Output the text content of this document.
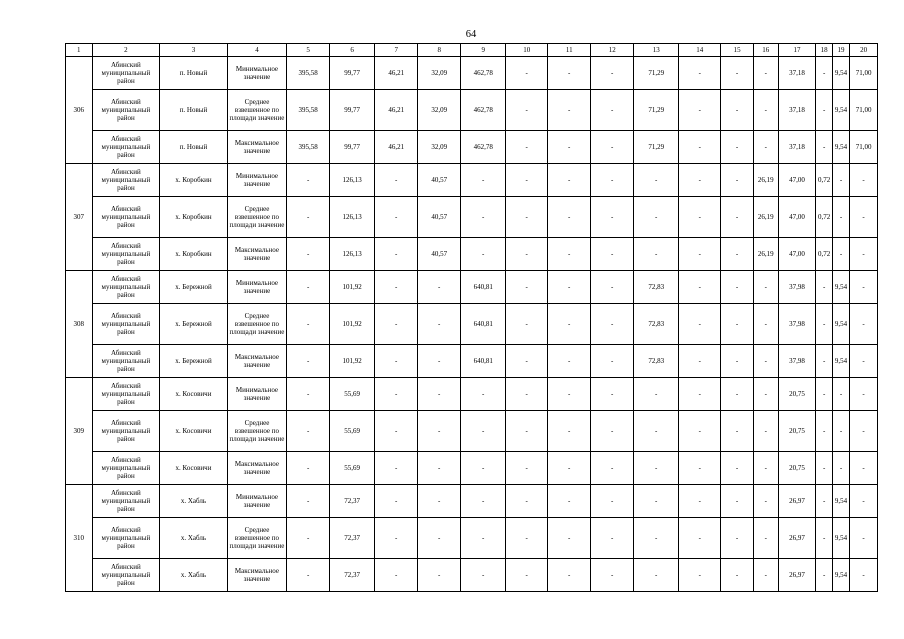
64
1	2	3	4	5	6	7	8	9	10	11	12	13	14	15	16	17	18	19	20
306	Абинский муниципальный район	п. Новый	Минимальное значение	395,58	99,77	46,21	32,09	462,78	-	-	-	71,29	-	-	-	37,18	-	9,54	71,00
	Абинский муниципальный район	п. Новый	Среднее взвешенное по площади значение	395,58	99,77	46,21	32,09	462,78	-	-	-	71,29	-	-	-	37,18	-	9,54	71,00
	Абинский муниципальный район	п. Новый	Максимальное значение	395,58	99,77	46,21	32,09	462,78	-	-	-	71,29	-	-	-	37,18	-	9,54	71,00
307	Абинский муниципальный район	х. Коробкин	Минимальное значение	-	126,13	-	40,57	-	-	-	-	-	-	-	26,19	47,00	0,72	-	-
	Абинский муниципальный район	х. Коробкин	Среднее взвешенное по площади значение	-	126,13	-	40,57	-	-	-	-	-	-	-	26,19	47,00	0,72	-	-
	Абинский муниципальный район	х. Коробкин	Максимальное значение	-	126,13	-	40,57	-	-	-	-	-	-	-	26,19	47,00	0,72	-	-
308	Абинский муниципальный район	х. Бережной	Минимальное значение	-	101,92	-	-	640,81	-	-	-	72,83	-	-	-	37,98	-	9,54	-
	Абинский муниципальный район	х. Бережной	Среднее взвешенное по площади значение	-	101,92	-	-	640,81	-	-	-	72,83	-	-	-	37,98	-	9,54	-
	Абинский муниципальный район	х. Бережной	Максимальное значение	-	101,92	-	-	640,81	-	-	-	72,83	-	-	-	37,98	-	9,54	-
309	Абинский муниципальный район	х. Косовичи	Минимальное значение	-	55,69	-	-	-	-	-	-	-	-	-	-	20,75	-	-	-
	Абинский муниципальный район	х. Косовичи	Среднее взвешенное по площади значение	-	55,69	-	-	-	-	-	-	-	-	-	-	20,75	-	-	-
	Абинский муниципальный район	х. Косовичи	Максимальное значение	-	55,69	-	-	-	-	-	-	-	-	-	-	20,75	-	-	-
310	Абинский муниципальный район	х. Хабль	Минимальное значение	-	72,37	-	-	-	-	-	-	-	-	-	-	26,97	-	9,54	-
	Абинский муниципальный район	х. Хабль	Среднее взвешенное по площади значение	-	72,37	-	-	-	-	-	-	-	-	-	-	26,97	-	9,54	-
	Абинский муниципальный район	х. Хабль	Максимальное значение	-	72,37	-	-	-	-	-	-	-	-	-	-	26,97	-	9,54	-
